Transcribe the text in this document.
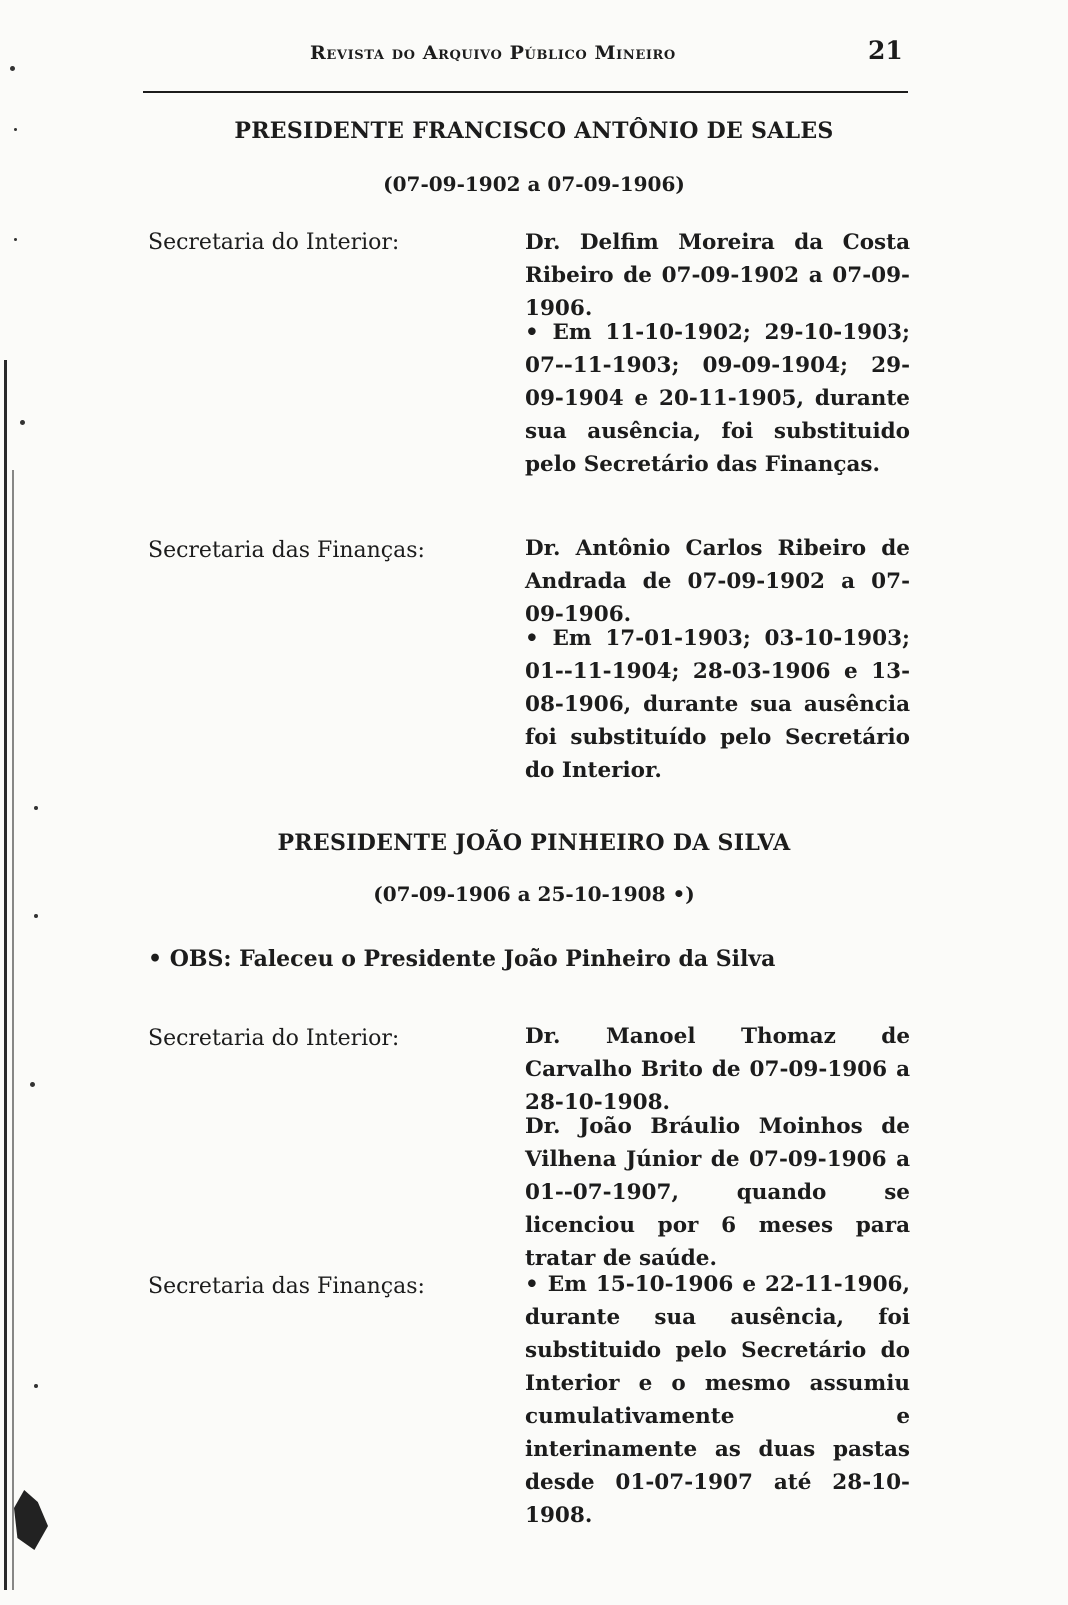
Revista do Arquivo Público Mineiro	21
PRESIDENTE FRANCISCO ANTÔNIO DE SALES
(07-09-1902 a 07-09-1906)
Secretaria do Interior:	Dr. Delfim Moreira da Costa Ribeiro de 07-09-1902 a 07-09-1906.
• Em 11-10-1902; 29-10-1903; 07--11-1903; 09-09-1904; 29-09-1904 e 20-11-1905, durante sua ausência, foi substituido pelo Secretário das Finanças.
Secretaria das Finanças:	Dr. Antônio Carlos Ribeiro de Andrada de 07-09-1902 a 07-09-1906.
• Em 17-01-1903; 03-10-1903; 01--11-1904; 28-03-1906 e 13-08-1906, durante sua ausência foi substituído pelo Secretário do Interior.
PRESIDENTE JOÃO PINHEIRO DA SILVA
(07-09-1906 a 25-10-1908 •)
• OBS: Faleceu o Presidente João Pinheiro da Silva
Secretaria do Interior:	Dr. Manoel Thomaz de Carvalho Brito de 07-09-1906 a 28-10-1908.
Dr. João Bráulio Moinhos de Vilhena Júnior de 07-09-1906 a 01--07-1907, quando se licenciou por 6 meses para tratar de saúde.
Secretaria das Finanças:	• Em 15-10-1906 e 22-11-1906, durante sua ausência, foi substituido pelo Secretário do Interior e o mesmo assumiu cumulativamente e interinamente as duas pastas desde 01-07-1907 até 28-10-1908.
